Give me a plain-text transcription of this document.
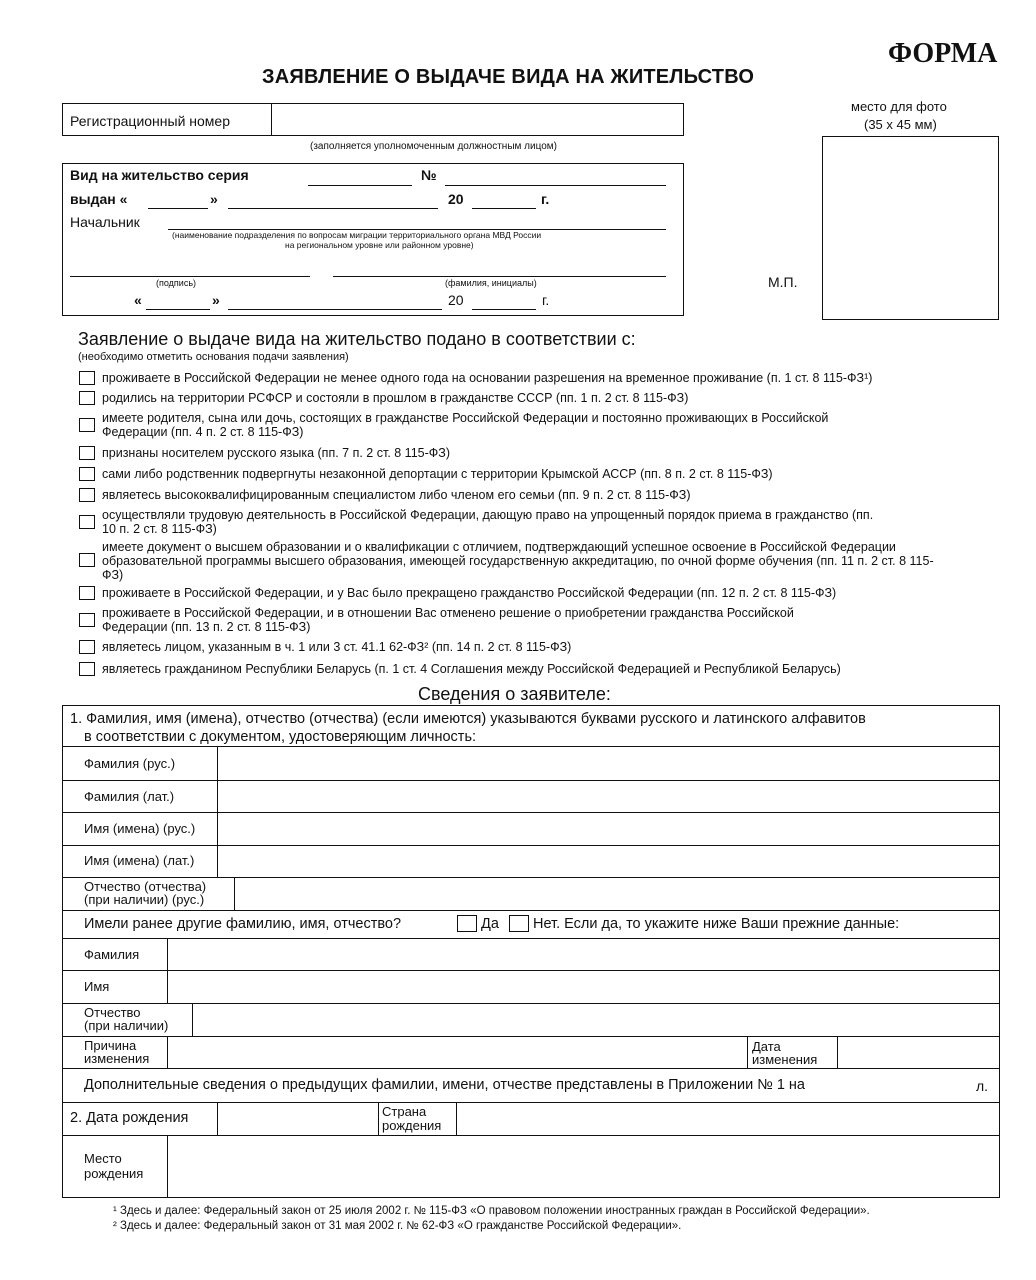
ФОРМА
ЗАЯВЛЕНИЕ О ВЫДАЧЕ ВИДА НА ЖИТЕЛЬСТВО
место для фото
(35 х 45 мм)
М.П.
Регистрационный номер
(заполняется уполномоченным должностным лицом)
Вид на жительство серия	№
выдан «	»	20	г.
Начальник
(наименование подразделения по вопросам миграции территориального органа МВД России
на региональном уровне или районном уровне)
(подпись)	(фамилия, инициалы)
«	»	20	г.
Заявление о выдаче вида на жительство подано в соответствии с:
(необходимо отметить основания подачи заявления)
проживаете в Российской Федерации не менее одного года на основании разрешения на временное проживание (п. 1 ст. 8 115-ФЗ¹)
родились на территории РСФСР и состояли в прошлом в гражданстве СССР (пп. 1 п. 2 ст. 8 115-ФЗ)
имеете родителя, сына или дочь, состоящих в гражданстве Российской Федерации и постоянно проживающих в Российской Федерации (пп. 4 п. 2 ст. 8 115-ФЗ)
признаны носителем русского языка (пп. 7 п. 2 ст. 8 115-ФЗ)
сами либо родственник подвергнуты незаконной депортации с территории Крымской АССР (пп. 8 п. 2 ст. 8 115-ФЗ)
являетесь высококвалифицированным специалистом либо членом его семьи (пп. 9 п. 2 ст. 8 115-ФЗ)
осуществляли трудовую деятельность в Российской Федерации, дающую право на упрощенный порядок приема в гражданство (пп. 10 п. 2 ст. 8 115-ФЗ)
имеете документ о высшем образовании и о квалификации с отличием, подтверждающий успешное освоение в Российской Федерации образовательной программы высшего образования, имеющей государственную аккредитацию, по очной форме обучения (пп. 11 п. 2 ст. 8 115-ФЗ)
проживаете в Российской Федерации, и у Вас было прекращено гражданство Российской Федерации (пп. 12 п. 2 ст. 8 115-ФЗ)
проживаете в Российской Федерации, и в отношении Вас отменено решение о приобретении гражданства Российской Федерации (пп. 13 п. 2 ст. 8 115-ФЗ)
являетесь лицом, указанным в ч. 1 или 3 ст. 41.1 62-ФЗ² (пп. 14 п. 2 ст. 8 115-ФЗ)
являетесь гражданином Республики Беларусь (п. 1 ст. 4 Соглашения между Российской Федерацией и Республикой Беларусь)
Сведения о заявителе:
1. Фамилия, имя (имена), отчество (отчества) (если имеются) указываются буквами русского и латинского алфавитов
в соответствии с документом, удостоверяющим личность:
Фамилия (рус.)
Фамилия (лат.)
Имя (имена) (рус.)
Имя (имена) (лат.)
Отчество (отчества)
(при наличии) (рус.)
Имели ранее другие фамилию, имя, отчество?	Да Нет. Если да, то укажите ниже Ваши прежние данные:
Фамилия
Имя
Отчество
(при наличии)
Причина
изменения
Дата
изменения
Дополнительные сведения о предыдущих фамилии, имени, отчестве представлены в Приложении № 1 на	л.
2. Дата рождения	Страна
рождения
Место
рождения
¹ Здесь и далее: Федеральный закон от 25 июля 2002 г. № 115-ФЗ «О правовом положении иностранных граждан в Российской Федерации».
² Здесь и далее: Федеральный закон от 31 мая 2002 г. № 62-ФЗ «О гражданстве Российской Федерации».
